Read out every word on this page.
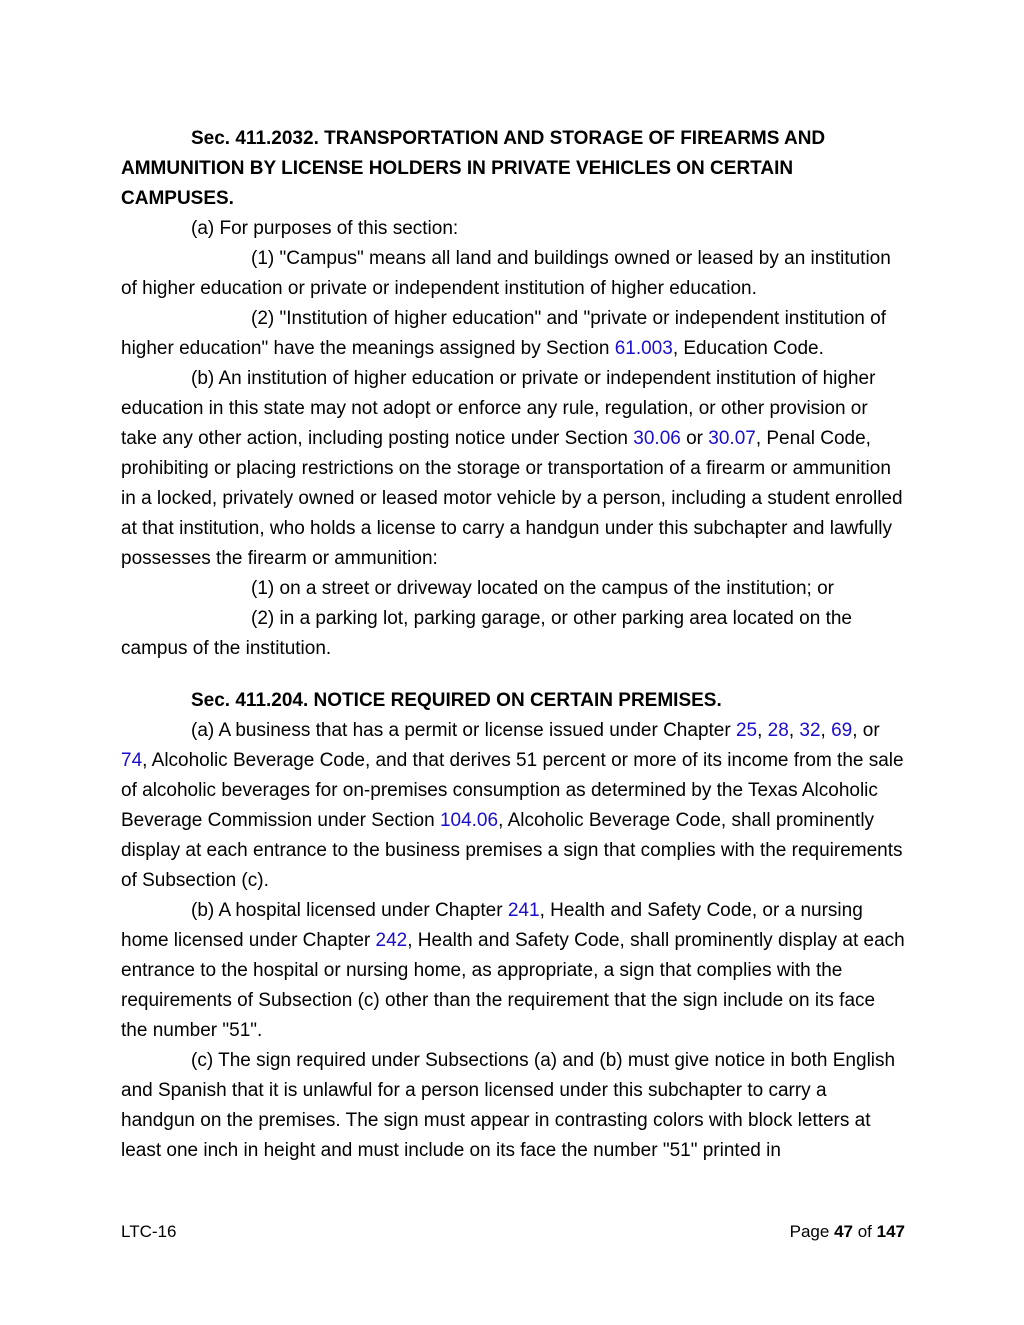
Sec. 411.2032. TRANSPORTATION AND STORAGE OF FIREARMS AND AMMUNITION BY LICENSE HOLDERS IN PRIVATE VEHICLES ON CERTAIN CAMPUSES.

(a) For purposes of this section:

(1) "Campus" means all land and buildings owned or leased by an institution of higher education or private or independent institution of higher education.

(2) "Institution of higher education" and "private or independent institution of higher education" have the meanings assigned by Section 61.003, Education Code.

(b) An institution of higher education or private or independent institution of higher education in this state may not adopt or enforce any rule, regulation, or other provision or take any other action, including posting notice under Section 30.06 or 30.07, Penal Code, prohibiting or placing restrictions on the storage or transportation of a firearm or ammunition in a locked, privately owned or leased motor vehicle by a person, including a student enrolled at that institution, who holds a license to carry a handgun under this subchapter and lawfully possesses the firearm or ammunition:

(1) on a street or driveway located on the campus of the institution; or

(2) in a parking lot, parking garage, or other parking area located on the campus of the institution.

Sec. 411.204. NOTICE REQUIRED ON CERTAIN PREMISES.

(a) A business that has a permit or license issued under Chapter 25, 28, 32, 69, or 74, Alcoholic Beverage Code, and that derives 51 percent or more of its income from the sale of alcoholic beverages for on-premises consumption as determined by the Texas Alcoholic Beverage Commission under Section 104.06, Alcoholic Beverage Code, shall prominently display at each entrance to the business premises a sign that complies with the requirements of Subsection (c).

(b) A hospital licensed under Chapter 241, Health and Safety Code, or a nursing home licensed under Chapter 242, Health and Safety Code, shall prominently display at each entrance to the hospital or nursing home, as appropriate, a sign that complies with the requirements of Subsection (c) other than the requirement that the sign include on its face the number "51".

(c) The sign required under Subsections (a) and (b) must give notice in both English and Spanish that it is unlawful for a person licensed under this subchapter to carry a handgun on the premises. The sign must appear in contrasting colors with block letters at least one inch in height and must include on its face the number "51" printed in

LTC-16	Page 47 of 147
